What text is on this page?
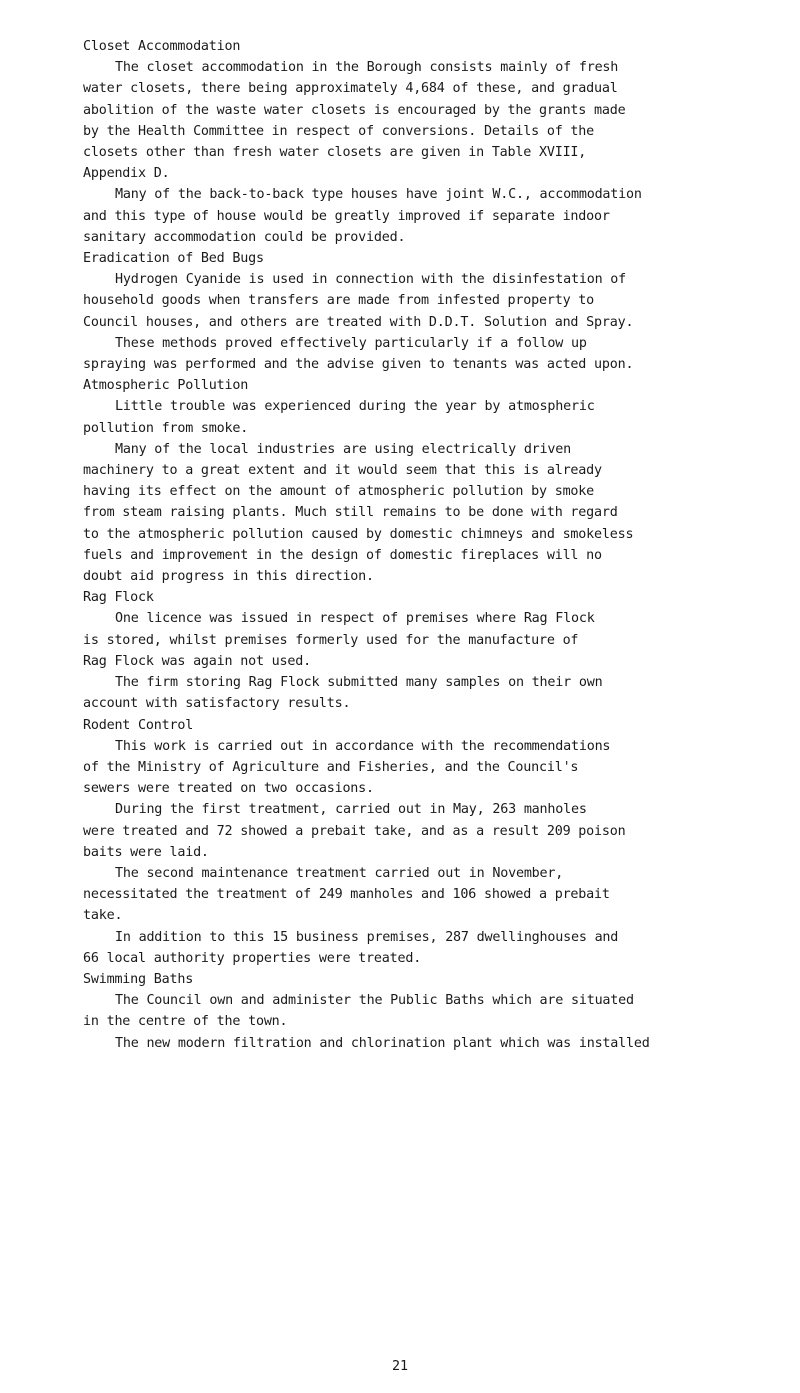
Closet Accommodation

The closet accommodation in the Borough consists mainly of fresh
water closets, there being approximately 4,684 of these, and gradual
abolition of the waste water closets is encouraged by the grants made
by the Health Committee in respect of conversions. Details of the
closets other than fresh water closets are given in Table XVIII,
Appendix D.

Many of the back-to-back type houses have joint W.C., accommodation
and this type of house would be greatly improved if separate indoor
sanitary accommodation could be provided.

Eradication of Bed Bugs

Hydrogen Cyanide is used in connection with the disinfestation of
household goods when transfers are made from infested property to
Council houses, and others are treated with D.D.T. Solution and Spray.

These methods proved effectively particularly if a follow up
spraying was performed and the advise given to tenants was acted upon.

Atmospheric Pollution

Little trouble was experienced during the year by atmospheric
pollution from smoke.

Many of the local industries are using electrically driven
machinery to a great extent and it would seem that this is already
having its effect on the amount of atmospheric pollution by smoke
from steam raising plants. Much still remains to be done with regard
to the atmospheric pollution caused by domestic chimneys and smokeless
fuels and improvement in the design of domestic fireplaces will no
doubt aid progress in this direction.

Rag Flock

One licence was issued in respect of premises where Rag Flock
is stored, whilst premises formerly used for the manufacture of
Rag Flock was again not used.

The firm storing Rag Flock submitted many samples on their own
account with satisfactory results.

Rodent Control

This work is carried out in accordance with the recommendations
of the Ministry of Agriculture and Fisheries, and the Council's
sewers were treated on two occasions.

During the first treatment, carried out in May, 263 manholes
were treated and 72 showed a prebait take, and as a result 209 poison
baits were laid.

The second maintenance treatment carried out in November,
necessitated the treatment of 249 manholes and 106 showed a prebait
take.

In addition to this 15 business premises, 287 dwellinghouses and
66 local authority properties were treated.

Swimming Baths

The Council own and administer the Public Baths which are situated
in the centre of the town.

The new modern filtration and chlorination plant which was installed

21
